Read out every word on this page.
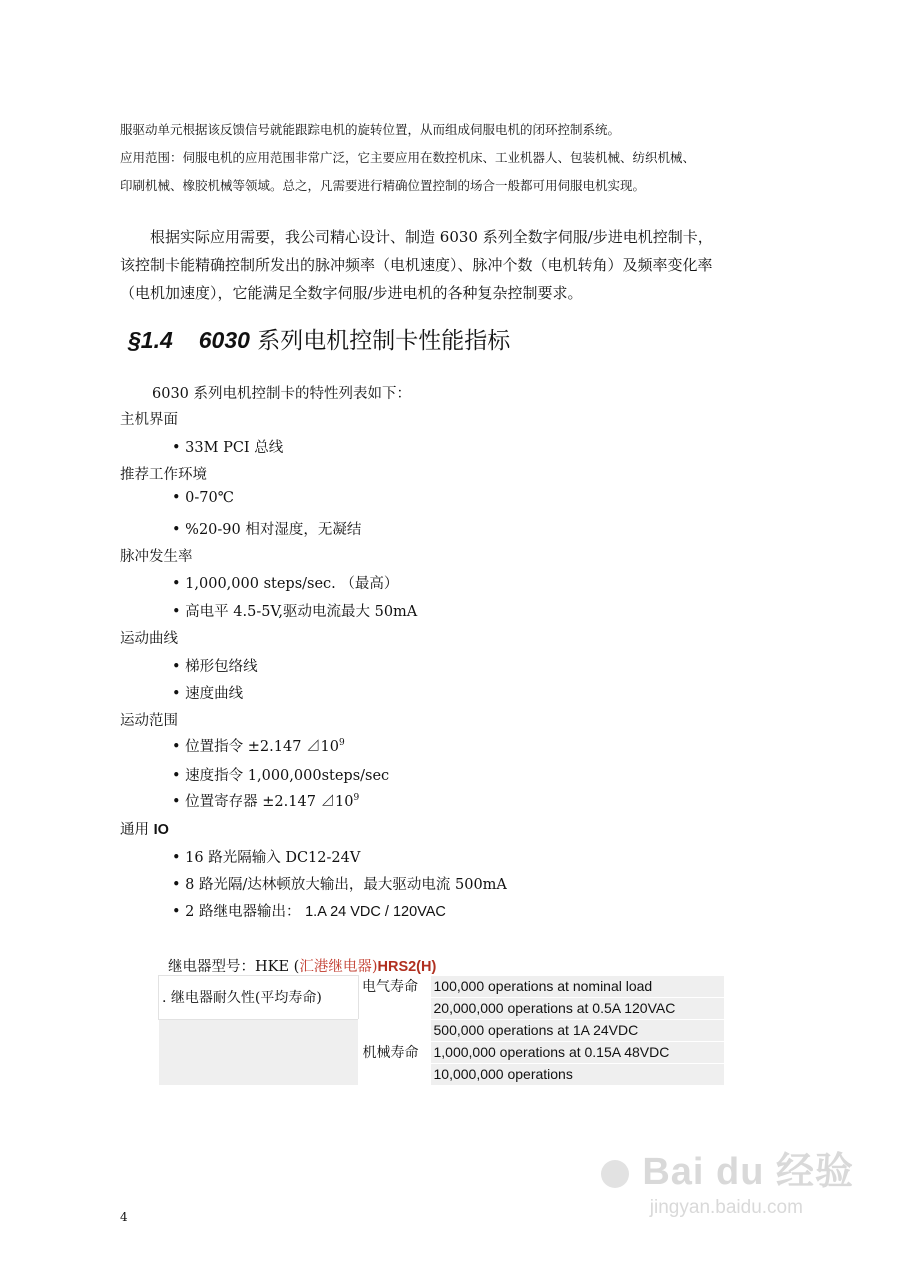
服驱动单元根据该反馈信号就能跟踪电机的旋转位置，从而组成伺服电机的闭环控制系统。
应用范围：伺服电机的应用范围非常广泛，它主要应用在数控机床、工业机器人、包装机械、纺织机械、
印刷机械、橡胶机械等领域。总之，凡需要进行精确位置控制的场合一般都可用伺服电机实现。
根据实际应用需要，我公司精心设计、制造 6030 系列全数字伺服/步进电机控制卡，
该控制卡能精确控制所发出的脉冲频率（电机速度）、脉冲个数（电机转角）及频率变化率
（电机加速度），它能满足全数字伺服/步进电机的各种复杂控制要求。
§1.4 6030 系列电机控制卡性能指标
6030 系列电机控制卡的特性列表如下：
主机界面
• 33M PCI 总线
推荐工作环境
• 0-70℃
• %20-90 相对湿度，无凝结
脉冲发生率
• 1,000,000 steps/sec. （最高）
• 高电平 4.5-5V,驱动电流最大 50mA
运动曲线
• 梯形包络线
• 速度曲线
运动范围
• 位置指令 ±2.147 $⊿10^9$
• 速度指令 1,000,000steps/sec
• 位置寄存器 ±2.147 $⊿10^9$
通用 IO
• 16 路光隔输入 DC12-24V
• 8 路光隔/达林顿放大输出，最大驱动电流 500mA
• 2 路继电器输出： 1.A 24 VDC / 120VAC
继电器型号：HKE (汇港继电器)HRS2(H)
. 继电器耐久性(平均寿命)	电气寿命	100,000 operations at nominal load
		20,000,000 operations at 0.5A 120VAC
		500,000 operations at 1A 24VDC
	机械寿命	1,000,000 operations at 0.15A 48VDC
		10,000,000 operations
4
Bai du 经验
jingyan.baidu.com
